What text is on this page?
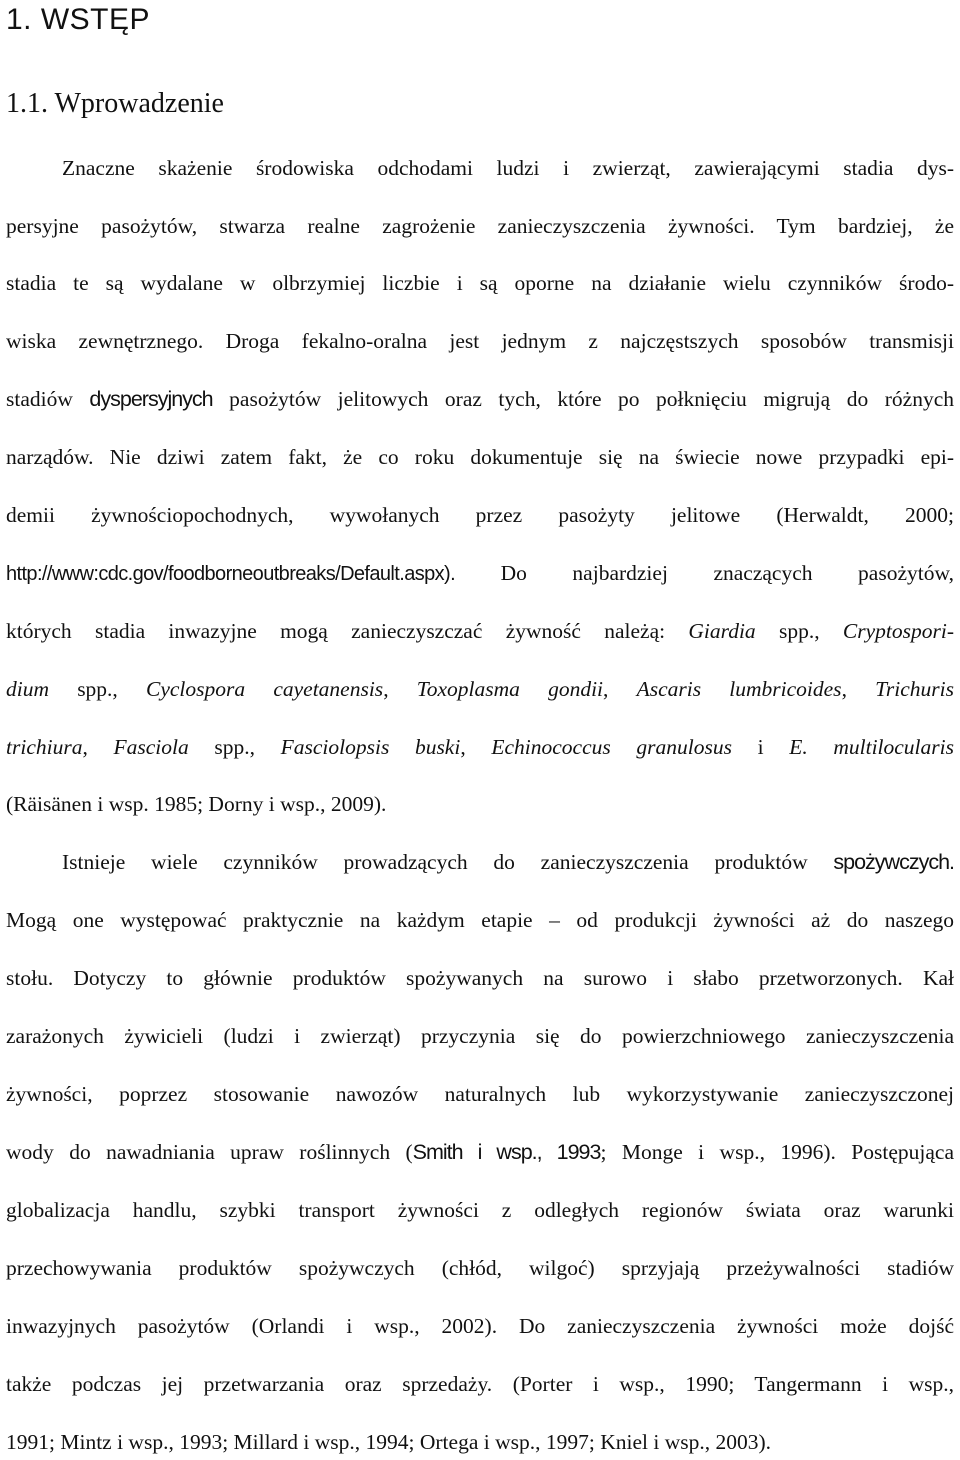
1. WSTĘP
1.1. Wprowadzenie
Znaczne skażenie środowiska odchodami ludzi i zwierząt, zawierającymi stadia dys-
persyjne pasożytów, stwarza realne zagrożenie zanieczyszczenia żywności. Tym bardziej, że
stadia te są wydalane w olbrzymiej liczbie i są oporne na działanie wielu czynników środo-
wiska zewnętrznego. Droga fekalno-oralna jest jednym z najczęstszych sposobów transmisji
stadiów dyspersyjnych pasożytów jelitowych oraz tych, które po połknięciu migrują do różnych
narządów. Nie dziwi zatem fakt, że co roku dokumentuje się na świecie nowe przypadki epi-
demii żywnościopochodnych, wywołanych przez pasożyty jelitowe (Herwaldt, 2000;
http://www:cdc.gov/foodborneoutbreaks/Default.aspx). Do najbardziej znaczących pasożytów,
których stadia inwazyjne mogą zanieczyszczać żywność należą: Giardia spp., Cryptospori-
dium spp., Cyclospora cayetanensis, Toxoplasma gondii, Ascaris lumbricoides, Trichuris
trichiura, Fasciola spp., Fasciolopsis buski, Echinococcus granulosus i E. multilocularis
(Räisänen i wsp. 1985; Dorny i wsp., 2009).
Istnieje wiele czynników prowadzących do zanieczyszczenia produktów spożywczych.
Mogą one występować praktycznie na każdym etapie – od produkcji żywności aż do naszego
stołu. Dotyczy to głównie produktów spożywanych na surowo i słabo przetworzonych. Kał
zarażonych żywicieli (ludzi i zwierząt) przyczynia się do powierzchniowego zanieczyszczenia
żywności, poprzez stosowanie nawozów naturalnych lub wykorzystywanie zanieczyszczonej
wody do nawadniania upraw roślinnych (Smith i wsp., 1993; Monge i wsp., 1996). Postępująca
globalizacja handlu, szybki transport żywności z odległych regionów świata oraz warunki
przechowywania produktów spożywczych (chłód, wilgoć) sprzyjają przeżywalności stadiów
inwazyjnych pasożytów (Orlandi i wsp., 2002). Do zanieczyszczenia żywności może dojść
także podczas jej przetwarzania oraz sprzedaży. (Porter i wsp., 1990; Tangermann i wsp.,
1991; Mintz i wsp., 1993; Millard i wsp., 1994; Ortega i wsp., 1997; Kniel i wsp., 2003).
